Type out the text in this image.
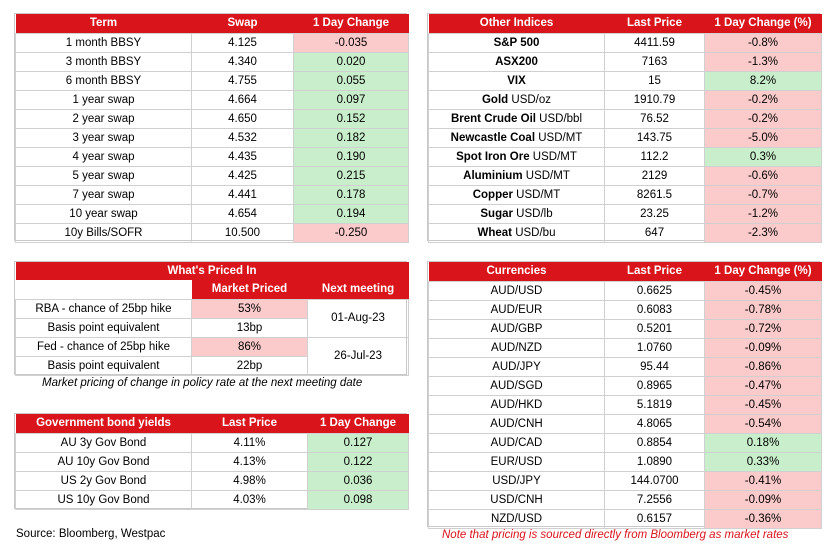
Term	Swap	1 Day Change
1 month BBSY	4.125	-0.035
3 month BBSY	4.340	0.020
6 month BBSY	4.755	0.055
1 year swap	4.664	0.097
2 year swap	4.650	0.152
3 year swap	4.532	0.182
4 year swap	4.435	0.190
5 year swap	4.425	0.215
7 year swap	4.441	0.178
10 year swap	4.654	0.194
10y Bills/SOFR	10.500	-0.250
Other Indices	Last Price	1 Day Change (%)
S&P 500	4411.59	-0.8%
ASX200	7163	-1.3%
VIX	15	8.2%
Gold USD/oz	1910.79	-0.2%
Brent Crude Oil USD/bbl	76.52	-0.2%
Newcastle Coal USD/MT	143.75	-5.0%
Spot Iron Ore USD/MT	112.2	0.3%
Aluminium USD/MT	2129	-0.6%
Copper USD/MT	8261.5	-0.7%
Sugar USD/lb	23.25	-1.2%
Wheat USD/bu	647	-2.3%
What's Priced In		
	Market Priced	Next meeting
RBA - chance of 25bp hike	53%	01-Aug-23
Basis point equivalent	13bp	
Fed - chance of 25bp hike	86%	26-Jul-23
Basis point equivalent	22bp	
Market pricing of change in policy rate at the next meeting date
Government bond yields	Last Price	1 Day Change
AU 3y Gov Bond	4.11%	0.127
AU 10y Gov Bond	4.13%	0.122
US 2y Gov Bond	4.98%	0.036
US 10y Gov Bond	4.03%	0.098
Currencies	Last Price	1 Day Change (%)
AUD/USD	0.6625	-0.45%
AUD/EUR	0.6083	-0.78%
AUD/GBP	0.5201	-0.72%
AUD/NZD	1.0760	-0.09%
AUD/JPY	95.44	-0.86%
AUD/SGD	0.8965	-0.47%
AUD/HKD	5.1819	-0.45%
AUD/CNH	4.8065	-0.54%
AUD/CAD	0.8854	0.18%
EUR/USD	1.0890	0.33%
USD/JPY	144.0700	-0.41%
USD/CNH	7.2556	-0.09%
NZD/USD	0.6157	-0.36%
Source: Bloomberg, Westpac	Note that pricing is sourced directly from Bloomberg as market rates
